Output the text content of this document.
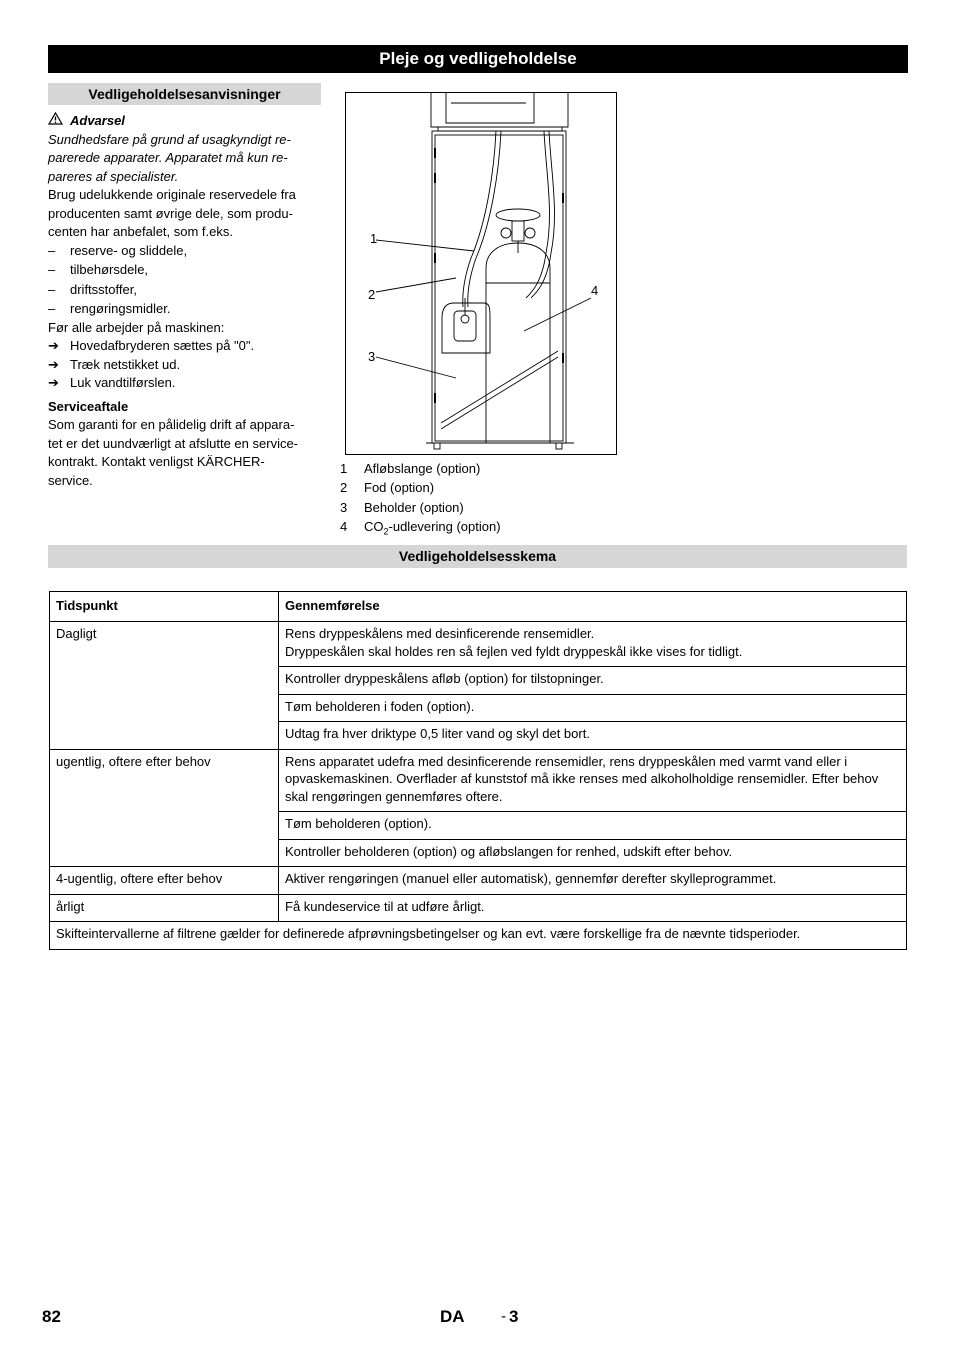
Pleje og vedligeholdelse
Vedligeholdelsesanvisninger
Advarsel
Sundhedsfare på grund af usagkyndigt re-
parerede apparater. Apparatet må kun re-
pareres af specialister.
Brug udelukkende originale reservedele fra
producenten samt øvrige dele, som produ-
centen har anbefalet, som f.eks.
–	reserve- og sliddele,
–	tilbehørsdele,
–	driftsstoffer,
–	rengøringsmidler.
Før alle arbejder på maskinen:
➔ Hovedafbryderen sættes på "0".
➔ Træk netstikket ud.
➔ Luk vandtilførslen.
Serviceaftale
Som garanti for en pålidelig drift af appara-
tet er det uundværligt at afslutte en service-
kontrakt. Kontakt venligst KÄRCHER-
service.
1
2
3
4
1 Afløbslange (option)
2 Fod (option)
3 Beholder (option)
4 $CO_2$-udlevering (option)
Vedligeholdelsesskema
Tidspunkt	Gennemførelse
Dagligt	Rens dryppeskålens med desinficerende rensemidler.
Dryppeskålen skal holdes ren så fejlen ved fyldt dryppeskål ikke vises for tidligt.

	Kontroller dryppeskålens afløb (option) for tilstopninger.
	Tøm beholderen i foden (option).
	Udtag fra hver driktype 0,5 liter vand og skyl det bort.
ugentlig, oftere efter behov	Rens apparatet udefra med desinficerende rensemidler, rens dryppeskålen med varmt vand eller i opvaskemaskinen. Overflader af kunststof må ikke renses med alkoholholdige rensemidler. Efter behov skal rengøringen gennemføres oftere.
	Tøm beholderen (option).
	Kontroller beholderen (option) og afløbslangen for renhed, udskift efter behov.
4-ugentlig, oftere efter behov	Aktiver rengøringen (manuel eller automatisk), gennemfør derefter skylleprogrammet.
årligt	Få kundeservice til at udføre årligt.
Skifteintervallerne af filtrene gælder for definerede afprøvningsbetingelser og kan evt. være forskellige fra de nævnte tidsperioder.	
82	DA - 3
